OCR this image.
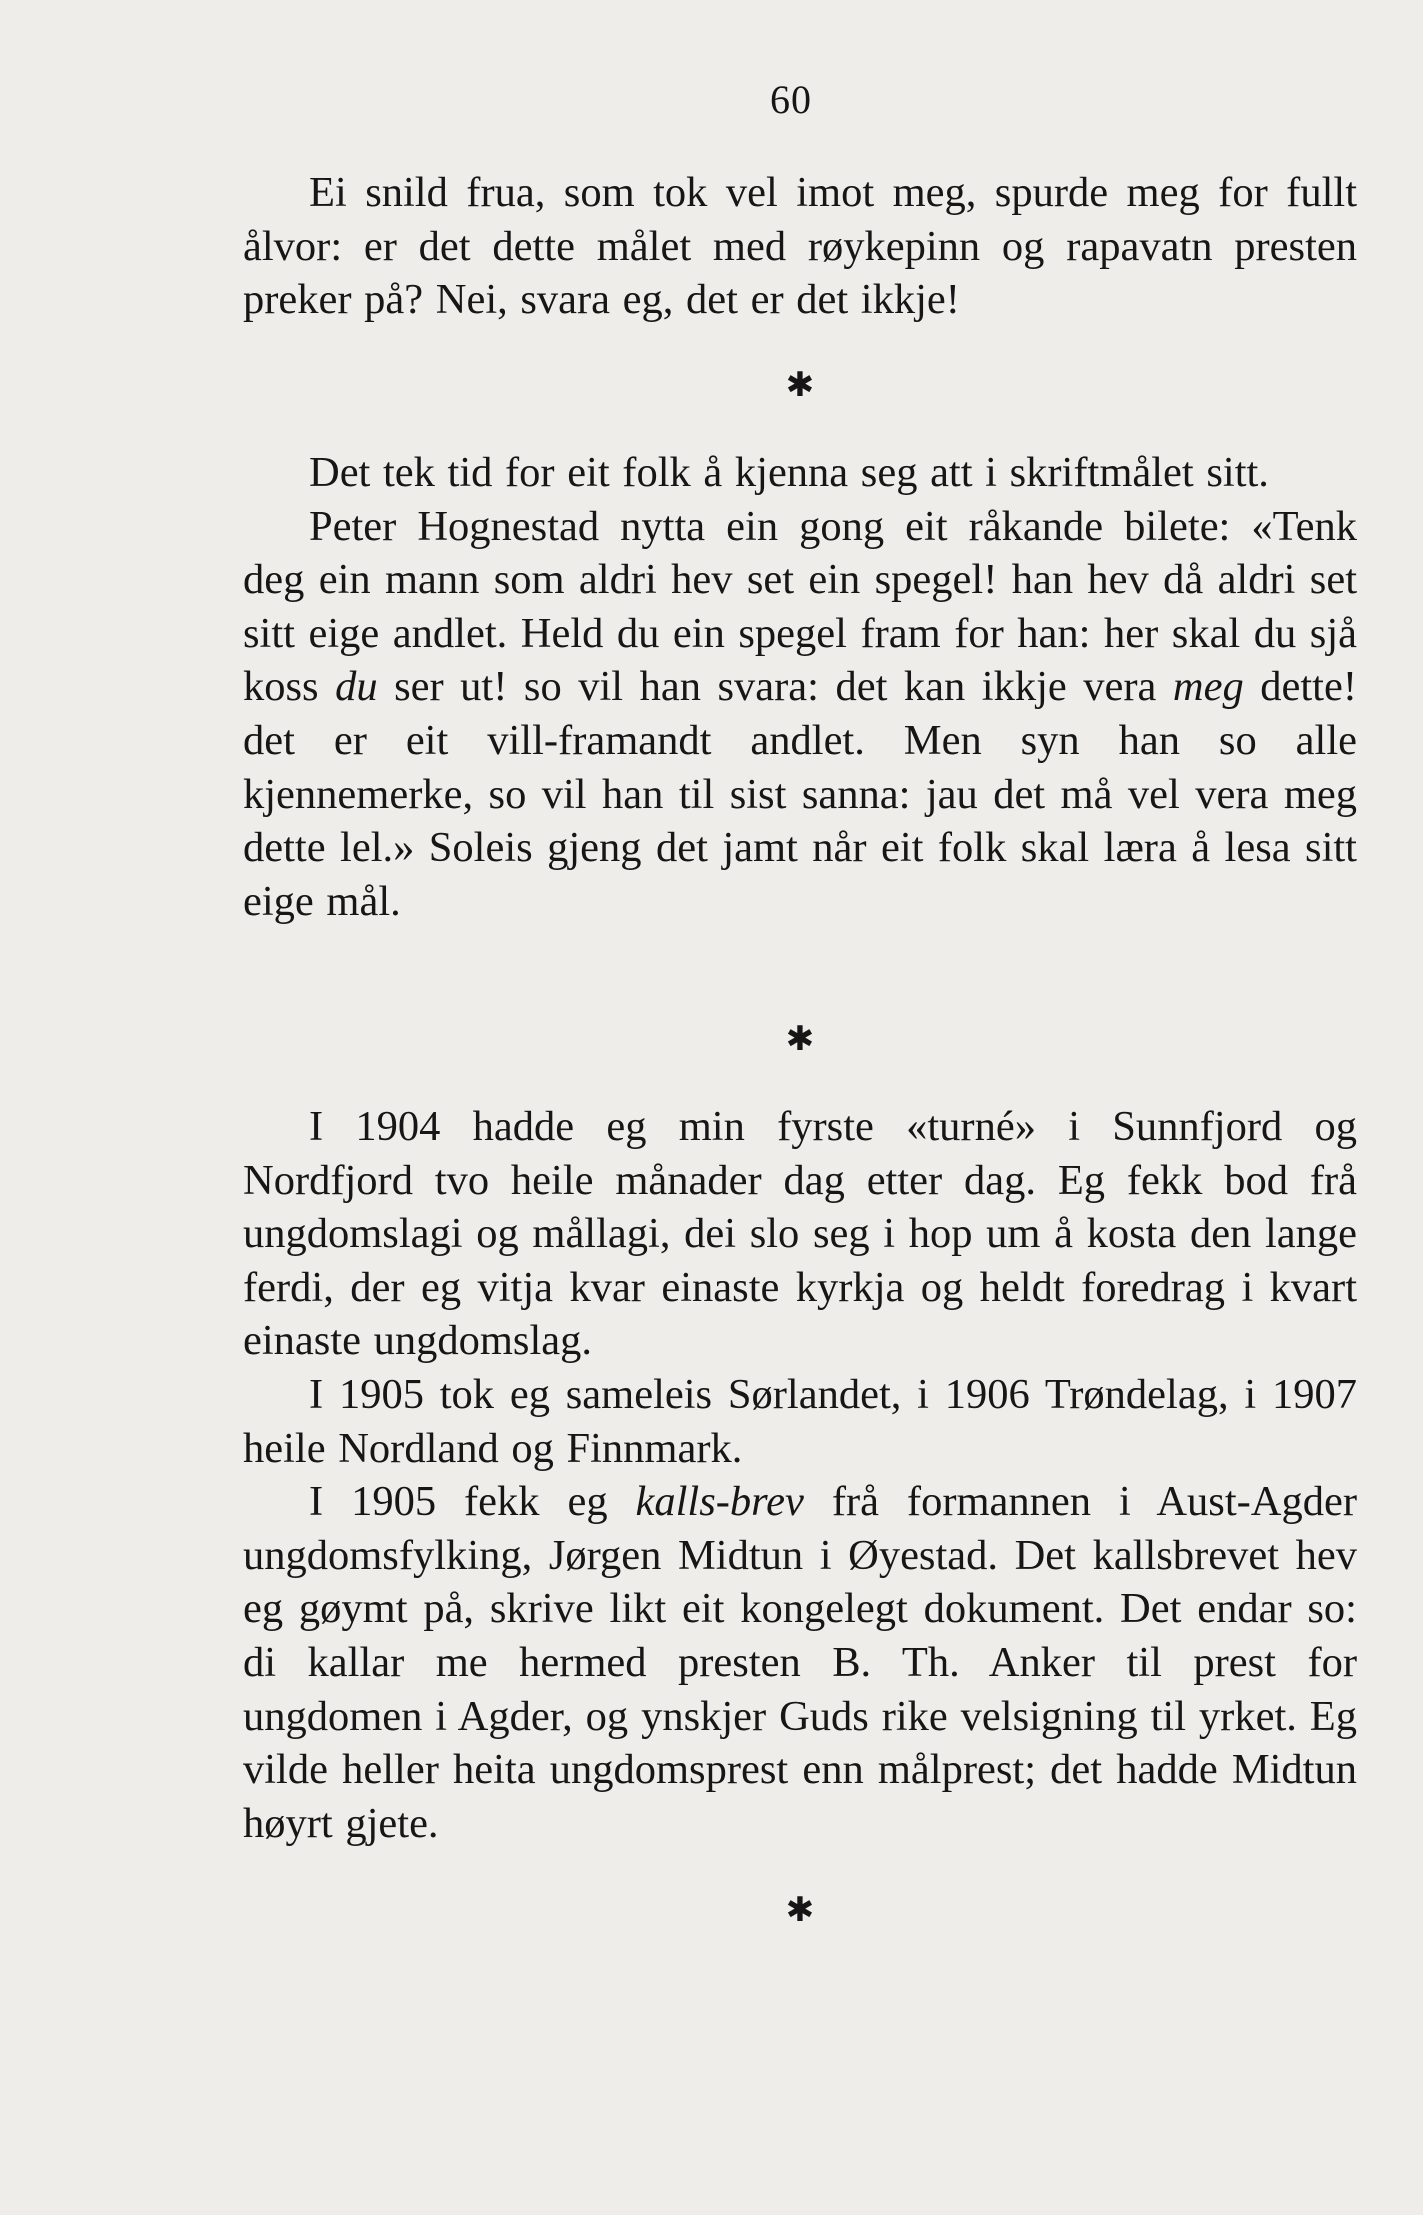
60

Ei snild frua, som tok vel imot meg, spurde meg for fullt ålvor: er det dette målet med røykepinn og rapavatn presten preker på? Nei, svara eg, det er det ikkje!

✱

Det tek tid for eit folk å kjenna seg att i skriftmålet sitt.

Peter Hognestad nytta ein gong eit råkande bilete: «Tenk deg ein mann som aldri hev set ein spegel! han hev då aldri set sitt eige andlet. Held du ein spegel fram for han: her skal du sjå koss du ser ut! so vil han svara: det kan ikkje vera meg dette! det er eit vill-framandt andlet. Men syn han so alle kjennemerke, so vil han til sist sanna: jau det må vel vera meg dette lel.» Soleis gjeng det jamt når eit folk skal læra å lesa sitt eige mål.

✱

I 1904 hadde eg min fyrste «turné» i Sunnfjord og Nordfjord tvo heile månader dag etter dag. Eg fekk bod frå ungdomslagi og mållagi, dei slo seg i hop um å kosta den lange ferdi, der eg vitja kvar einaste kyrkja og heldt foredrag i kvart einaste ungdomslag.

I 1905 tok eg sameleis Sørlandet, i 1906 Trøndelag, i 1907 heile Nordland og Finnmark.

I 1905 fekk eg kalls-brev frå formannen i Aust-Agder ungdomsfylking, Jørgen Midtun i Øyestad. Det kallsbrevet hev eg gøymt på, skrive likt eit kongelegt dokument. Det endar so: di kallar me hermed presten B. Th. Anker til prest for ungdomen i Agder, og ynskjer Guds rike velsigning til yrket. Eg vilde heller heita ungdomsprest enn målprest; det hadde Midtun høyrt gjete.

✱
